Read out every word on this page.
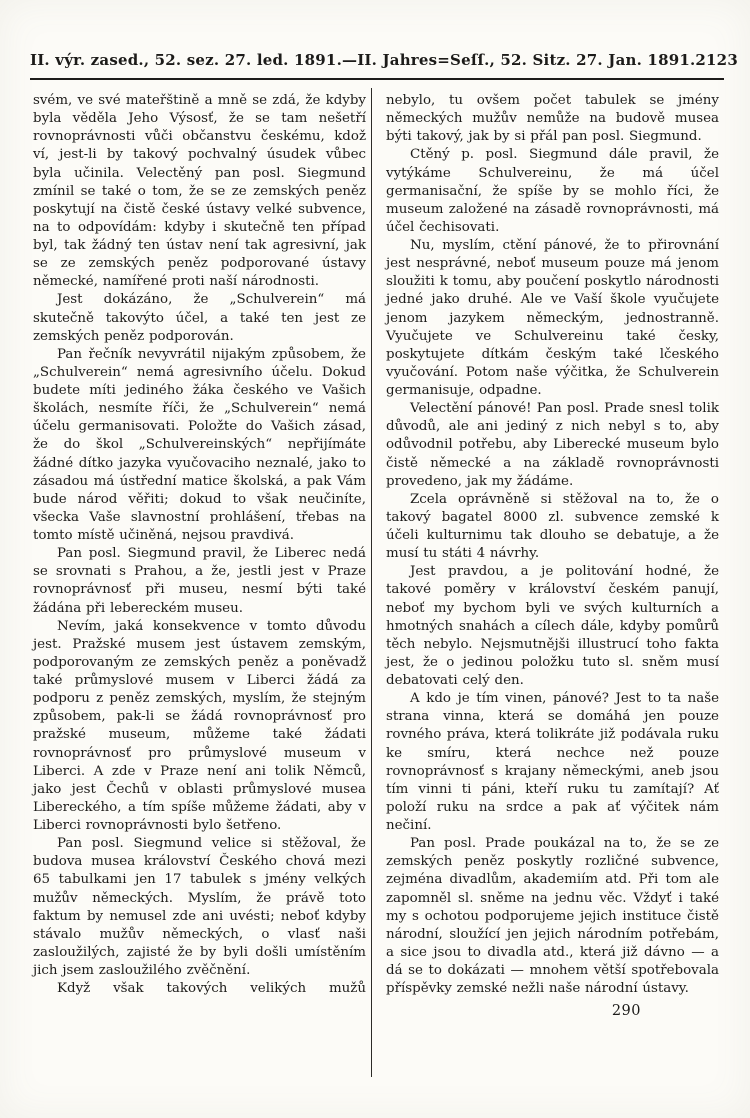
II. výr. zased., 52. sez. 27. led. 1891. — II. Jahres=Seſſ., 52. Sitz. 27. Jan. 1891. 2123

svém, ve své mateřštině a mně se zdá, že kdyby byla věděla Jeho Výsosť, že se tam nešetří rovnoprávnosti vůči občanstvu českému, kdož ví, jest-li by takový pochvalný úsudek vůbec byla učinila. Velectěný pan posl. Siegmund zmínil se také o tom, že se ze zemských peněz poskytují na čistě české ústavy velké subvence, na to odpovídám: kdyby i skutečně ten případ byl, tak žádný ten ústav není tak agresivní, jak se ze zemských peněz podporované ústavy německé, namířené proti naší národnosti.

Jest dokázáno, že „Schulverein“ má skutečně takovýto účel, a také ten jest ze zemských peněz podporován.

Pan řečník nevyvrátil nijakým způsobem, že „Schulverein“ nemá agresivního účelu. Dokud budete míti jediného žáka českého ve Vašich školách, nesmíte říči, že „Schulverein“ nemá účelu germanisovati. Položte do Vašich zásad, že do škol „Schulvereinských“ nepřijímáte žádné dítko jazyka vyučovaciho neznalé, jako to zásadou má ústřední matice školská, a pak Vám bude národ věřiti; dokud to však neučiníte, všecka Vaše slavnostní prohlášení, třebas na tomto místě učiněná, nejsou pravdivá.

Pan posl. Siegmund pravil, že Liberec nedá se srovnati s Prahou, a že, jestli jest v Praze rovnoprávnosť při museu, nesmí býti také žádána při lebereckém museu.

Nevím, jaká konsekvence v tomto důvodu jest. Pražské musem jest ústavem zemským, podporovaným ze zemských peněz a poněvadž také průmyslové musem v Liberci žádá za podporu z peněz zemských, myslím, že stejným způsobem, pak-li se žádá rovnoprávnosť pro pražské museum, můžeme také žádati rovnoprávnosť pro průmyslové museum v Liberci. A zde v Praze není ani tolik Němců, jako jest Čechů v oblasti průmyslové musea Libereckého, a tím spíše můžeme žádati, aby v Liberci rovnoprávnosti bylo šetřeno.

Pan posl. Siegmund velice si stěžoval, že budova musea království Českého chová mezi 65 tabulkami jen 17 tabulek s jmény velkých mužův německých. Myslím, že právě toto faktum by nemusel zde ani uvésti; neboť kdyby stávalo mužův německých, o vlasť naši zasloužilých, zajisté že by byli došli umístěním jich jsem zasloužilého zvěčnění.

Když však takových velikých mužů

nebylo, tu ovšem počet tabulek se jmény německých mužův nemůže na budově musea býti takový, jak by si přál pan posl. Siegmund.

Ctěný p. posl. Siegmund dále pravil, že vytýkáme Schulvereinu, že má účel germanisační, že spíše by se mohlo říci, že museum založené na zásadě rovnoprávnosti, má účel čechisovati.

Nu, myslím, ctění pánové, že to přirovnání jest nesprávné, neboť museum pouze má jenom sloužiti k tomu, aby poučení poskytlo národnosti jedné jako druhé. Ale ve Vaší škole vyučujete jenom jazykem německým, jednostranně. Vyučujete ve Schulvereinu také česky, poskytujete dítkám českým také lčeského vyučování. Potom naše výčitka, že Schulverein germanisuje, odpadne.

Velectění pánové! Pan posl. Prade snesl tolik důvodů, ale ani jediný z nich nebyl s to, aby odůvodnil potřebu, aby Liberecké museum bylo čistě německé a na základě rovnoprávnosti provedeno, jak my žádáme.

Zcela oprávněně si stěžoval na to, že o takový bagatel 8000 zl. subvence zemské k účeli kulturnimu tak dlouho se debatuje, a že musí tu státi 4 návrhy.

Jest pravdou, a je politování hodné, že takové poměry v království českém panují, neboť my bychom byli ve svých kulturních a hmotných snahách a cílech dále, kdyby pomůrů těch nebylo. Nejsmutnějši illustrucí toho fakta jest, že o jedinou položku tuto sl. sněm musí debatovati celý den.

A kdo je tím vinen, pánové? Jest to ta naše strana vinna, která se domáhá jen pouze rovného práva, která tolikráte již podávala ruku ke smíru, která nechce než pouze rovnoprávnosť s krajany německými, aneb jsou tím vinni ti páni, kteří ruku tu zamítají? Ať položí ruku na srdce a pak ať výčitek nám nečiní.

Pan posl. Prade poukázal na to, že se ze zemských peněz poskytly rozličné subvence, zejména divadlům, akademiím atd. Při tom ale zapomněl sl. sněme na jednu věc. Vždyť i také my s ochotou podporujeme jejich instituce čistě národní, sloužící jen jejich národním potřebám, a sice jsou to divadla atd., která již dávno — a dá se to dokázati — mnohem větší spotřebovala příspěvky zemské nežli naše národní ústavy.

290
